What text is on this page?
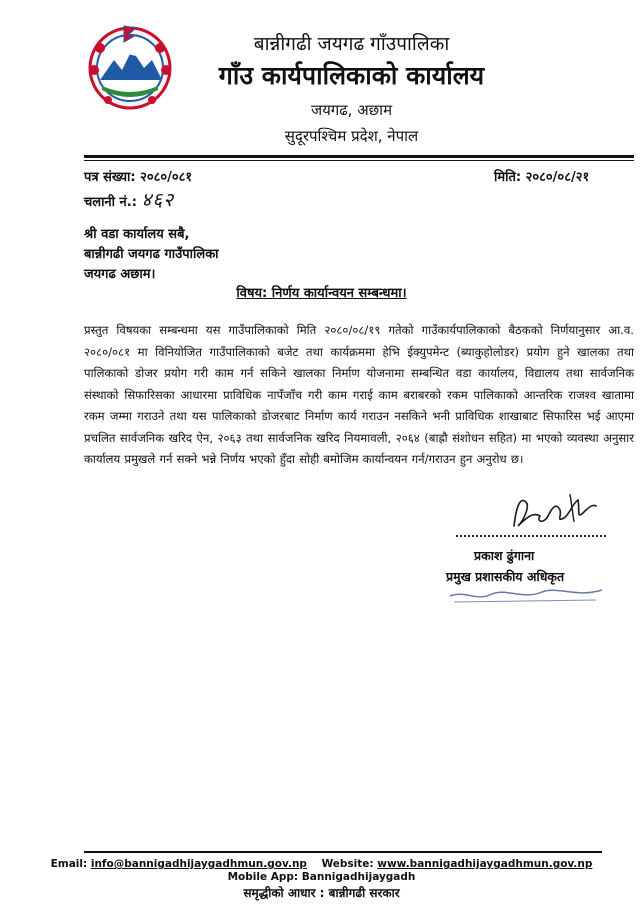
बान्नीगढी जयगढ गाँउपालिका
गाँउ कार्यपालिकाको कार्यालय
जयगढ, अछाम
सुदूरपश्चिम प्रदेश, नेपाल
पत्र संख्या: २०८०/०८१
चलानी नं.: ४६२
मिति: २०८०/०८/२१
श्री वडा कार्यालय सबै,
बान्नीगढी जयगढ गाउँपालिका
जयगढ अछाम।
विषय: निर्णय कार्यान्वयन सम्बन्धमा।
प्रस्तुत विषयका सम्बन्धमा यस गाउँपालिकाको मिति २०८०/०८/१९ गतेको गाउँकार्यपालिकाको बैठकको निर्णयानुसार आ.व. २०८०/०८१ मा विनियोजित गाउँपालिकाको बजेट तथा कार्यक्रममा हेभि ईक्युपमेन्ट (ब्याकुहोलोडर) प्रयोग हुने खालका तथा पालिकाको डोजर प्रयोग गरी काम गर्न सकिने खालका निर्माण योजनामा सम्बन्धित वडा कार्यालय, विद्यालय तथा सार्वजनिक संस्थाको सिफारिसका आधारमा प्राविधिक नापँजाँच गरी काम गराई काम बराबरको रकम पालिकाको आन्तरिक राजश्व खातामा रकम जम्मा गराउने तथा यस पालिकाको डोजरबाट निर्माण कार्य गराउन नसकिने भनी प्राविधिक शाखाबाट सिफारिस भई आएमा प्रचलित सार्वजनिक खरिद ऐन, २०६३ तथा सार्वजनिक खरिद नियमावली, २०६४ (बाह्रौ संशोधन सहित) मा भएको व्यवस्था अनुसार कार्यालय प्रमुखले गर्न सक्ने भन्ने निर्णय भएको हुँदा सोही बमोजिम कार्यान्वयन गर्न/गराउन हुन अनुरोध छ।
प्रकाश ढुंगाना
प्रमुख प्रशासकीय अधिकृत
Email: info@bannigadhijaygadhmun.gov.np Website: www.bannigadhijaygadhmun.gov.np
Mobile App: Bannigadhijaygadh
समृद्धीको आधार : बान्नीगढी सरकार
